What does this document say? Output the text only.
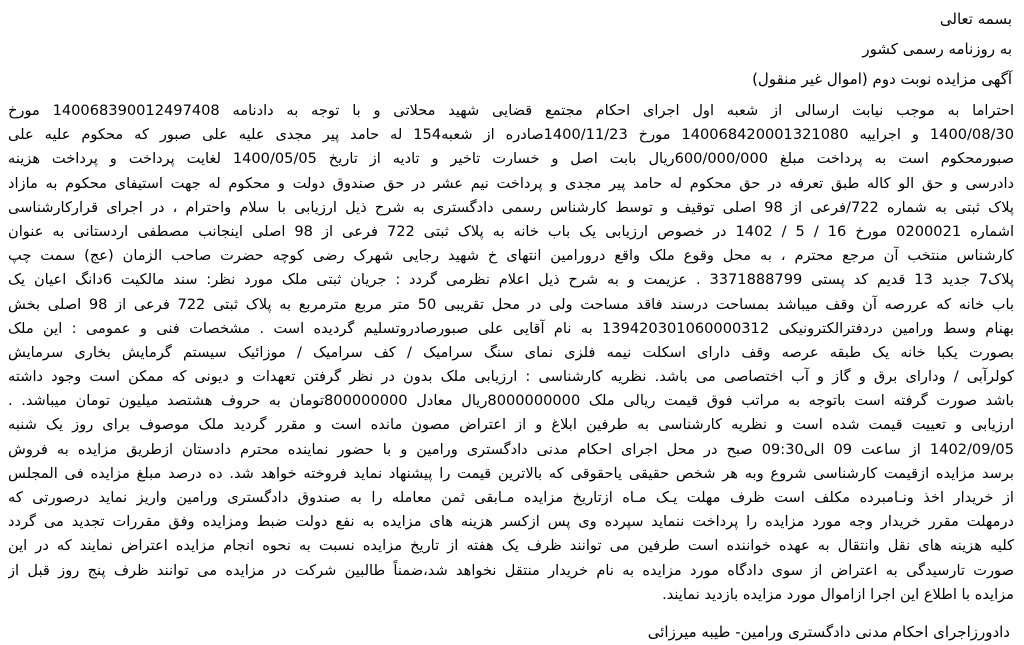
بسمه تعالی
به روزنامه رسمی کشور
آگهی مزایده نوبت دوم (اموال غیر منقول)
احتراما به موجب نیابت ارسالی از شعبه اول اجرای احکام مجتمع قضایی شهید محلاتی و با توجه به دادنامه 140068390012497408 مورخ
1400/08/30 و اجراییه 140068420001321080 مورخ 1400/11/23صادره از شعبه154 له حامد پیر مجدی علیه علی صبور که محکوم علیه علی
صبورمحکوم است به پرداخت مبلغ 600/000/000ریال بابت اصل و خسارت تاخیر و تادیه از تاریخ 1400/05/05 لغایت پرداخت و پرداخت هزینه
دادرسی و حق الو کاله طبق تعرفه در حق محکوم له حامد پیر مجدی و پرداخت نیم عشر در حق صندوق دولت و محکوم له جهت استیفای محکوم به مازاد
پلاک ثبتی به شماره 722/فرعی از 98 اصلی توقیف و توسط کارشناس رسمی دادگستری به شرح ذیل ارزیابی با سلام واحترام ، در اجرای قرارکارشناسی
اشماره 0200021 مورخ 16 / 5 / 1402 در خصوص ارزیابی یک باب خانه به پلاک ثبتی 722 فرعی از 98 اصلی اینجانب مصطفی اردستانی به عنوان
کارشناس منتخب آن مرجع محترم ، به محل وقوع ملک واقع درورامین انتهای خ شهید رجایی شهرک رضی کوچه حضرت صاحب الزمان (عج) سمت چپ
پلاک7 جدید 13 قدیم کد پستی 3371888799 . عزیمت و به شرح ذیل اعلام نظرمی گردد : جریان ثبتی ملک مورد نظر: سند مالکیت 6دانگ اعیان یک
باب خانه که عررصه آن وقف میباشد بمساحت درسند فاقد مساحت ولی در محل تقریبی 50 متر مربع مترمربع به پلاک ثبتی 722 فرعی از 98 اصلی بخش
بهنام وسط ورامین دردفترالکترونیکی 139420301060000312 به نام آقایی علی صبورصادروتسلیم گردیده است . مشخصات فنی و عمومی : این ملک
بصورت یکبا خانه یک طبقه عرصه وقف دارای اسکلت نیمه فلزی نمای سنگ سرامیک / کف سرامیک / موزائیک سیستم گرمایش بخاری سرمایش
کولرآبی / ودارای برق و گاز و آب اختصاصی می باشد. نظریه کارشناسی : ارزیابی ملک بدون در نظر گرفتن تعهدات و دیونی که ممکن است وجود داشته
باشد صورت گرفته است باتوجه به مراتب فوق قیمت ریالی ملک 8000000000ریال معادل 800000000تومان به حروف هشتصد میلیون تومان میباشد. .
ارزیابی و تعییت قیمت شده است و نظریه کارشناسی به طرفین ابلاغ و از اعتراض مصون مانده است و مقرر گردید ملک موصوف برای روز یک شنبه
1402/09/05 از ساعت 09 الی09:30 صبح در محل اجرای احکام مدنی دادگستری ورامین و با حضور نماینده محترم دادستان ازطریق مزایده به فروش
برسد مزایده ازقیمت کارشناسی شروع وبه هر شخص حقیقی یاحقوقی که بالاترین قیمت را پیشنهاد نماید فروخته خواهد شد. ده درصد مبلغ مزایده فی المجلس
از خریدار اخذ ونـامبرده مکلف است ظرف مهلت یـک مـاه ازتاریخ مزایده مـابقی ثمن معامله را به صندوق دادگستری ورامین واریز نماید درصورتی که
درمهلت مقرر خریدار وجه مورد مزایده را پرداخت ننماید سپرده وی پس ازکسر هزینه های مزایده به نفع دولت ضبط ومزایده وفق مقررات تجدید می گردد
کلیه هزینه های نقل وانتقال به عهده خواننده است طرفین می توانند ظرف یک هفته از تاریخ مزایده نسبت به نحوه انجام مزایده اعتراض نمایند که در این
صورت تارسیدگی به اعتراض از سوی دادگاه مورد مزایده به نام خریدار منتقل نخواهد شد،ضمناً طالبین شرکت در مزایده می توانند ظرف پنج روز قبل از
مزایده با اطلاع این اجرا ازاموال مورد مزایده بازدید نمایند.
دادورزاجرای احکام مدنی دادگستری ورامین- طیبه میرزائی
